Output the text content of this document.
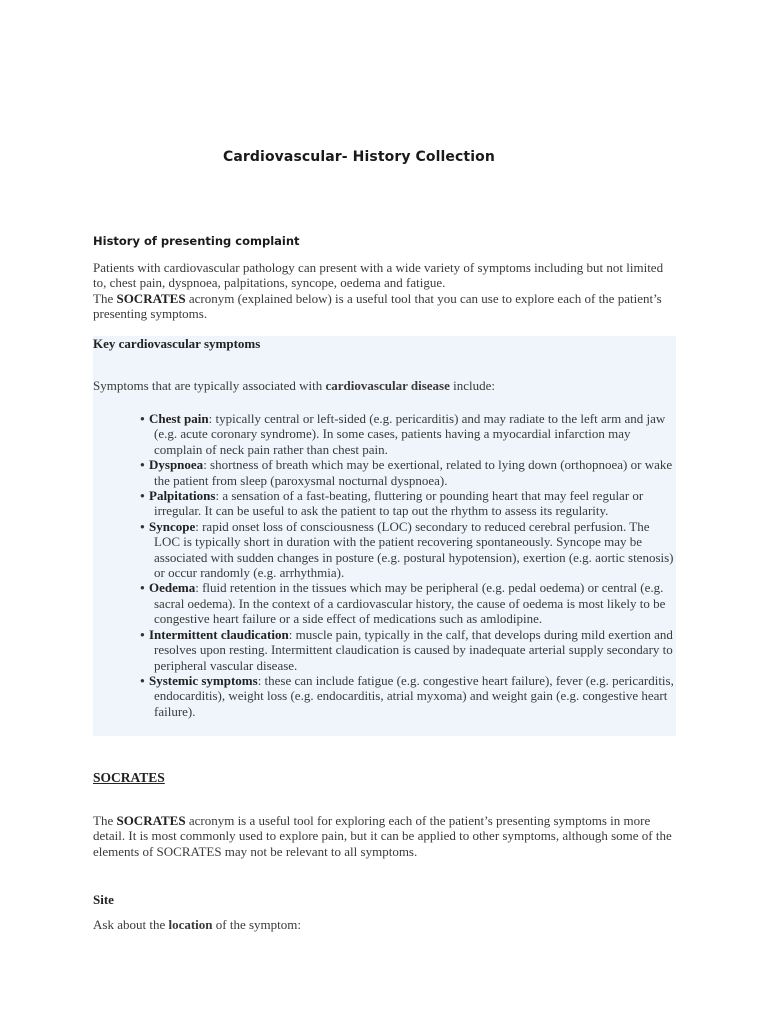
Cardiovascular- History Collection
History of presenting complaint
Patients with cardiovascular pathology can present with a wide variety of symptoms including but not limited to, chest pain, dyspnoea, palpitations, syncope, oedema and fatigue.
The SOCRATES acronym (explained below) is a useful tool that you can use to explore each of the patient’s presenting symptoms.
Key cardiovascular symptoms
Symptoms that are typically associated with cardiovascular disease include:
● Chest pain: typically central or left-sided (e.g. pericarditis) and may radiate to the left arm and jaw (e.g. acute coronary syndrome). In some cases, patients having a myocardial infarction may complain of neck pain rather than chest pain.
● Dyspnoea: shortness of breath which may be exertional, related to lying down (orthopnoea) or wake the patient from sleep (paroxysmal nocturnal dyspnoea).
● Palpitations: a sensation of a fast-beating, fluttering or pounding heart that may feel regular or irregular. It can be useful to ask the patient to tap out the rhythm to assess its regularity.
● Syncope: rapid onset loss of consciousness (LOC) secondary to reduced cerebral perfusion. The LOC is typically short in duration with the patient recovering spontaneously. Syncope may be associated with sudden changes in posture (e.g. postural hypotension), exertion (e.g. aortic stenosis) or occur randomly (e.g. arrhythmia).
● Oedema: fluid retention in the tissues which may be peripheral (e.g. pedal oedema) or central (e.g. sacral oedema). In the context of a cardiovascular history, the cause of oedema is most likely to be congestive heart failure or a side effect of medications such as amlodipine.
● Intermittent claudication: muscle pain, typically in the calf, that develops during mild exertion and resolves upon resting. Intermittent claudication is caused by inadequate arterial supply secondary to peripheral vascular disease.
● Systemic symptoms: these can include fatigue (e.g. congestive heart failure), fever (e.g. pericarditis, endocarditis), weight loss (e.g. endocarditis, atrial myxoma) and weight gain (e.g. congestive heart failure).
SOCRATES
The SOCRATES acronym is a useful tool for exploring each of the patient’s presenting symptoms in more detail. It is most commonly used to explore pain, but it can be applied to other symptoms, although some of the elements of SOCRATES may not be relevant to all symptoms.
Site
Ask about the location of the symptom:
